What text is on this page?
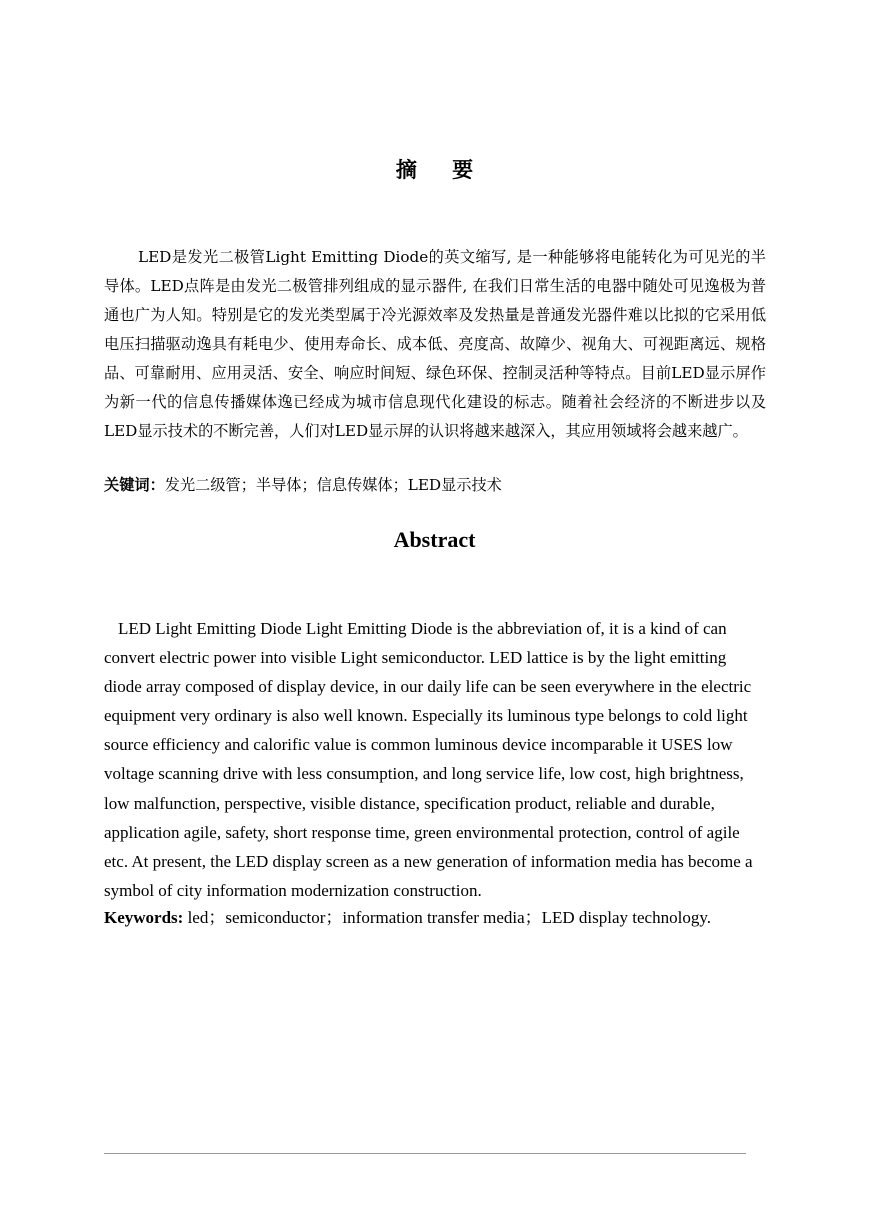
摘 要

LED是发光二极管Light Emitting Diode的英文缩写, 是一种能够将电能转化为可见光的半导体。LED点阵是由发光二极管排列组成的显示器件, 在我们日常生活的电器中随处可见逸极为普通也广为人知。特别是它的发光类型属于冷光源效率及发热量是普通发光器件难以比拟的它采用低电压扫描驱动逸具有耗电少、使用寿命长、成本低、亮度高、故障少、视角大、可视距离远、规格品、可靠耐用、应用灵活、安全、响应时间短、绿色环保、控制灵活种等特点。目前LED显示屏作为新一代的信息传播媒体逸已经成为城市信息现代化建设的标志。随着社会经济的不断进步以及LED显示技术的不断完善，人们对LED显示屏的认识将越来越深入，其应用领域将会越来越广。

关键词：发光二级管；半导体；信息传媒体；LED显示技术

Abstract

LED Light Emitting Diode Light Emitting Diode is the abbreviation of, it is a kind of can convert electric power into visible Light semiconductor. LED lattice is by the light emitting diode array composed of display device, in our daily life can be seen everywhere in the electric equipment very ordinary is also well known. Especially its luminous type belongs to cold light source efficiency and calorific value is common luminous device incomparable it USES low voltage scanning drive with less consumption, and long service life, low cost, high brightness, low malfunction, perspective, visible distance, specification product, reliable and durable, application agile, safety, short response time, green environmental protection, control of agile etc. At present, the LED display screen as a new generation of information media has become a symbol of city information modernization construction.

Keywords: led；semiconductor；information transfer media；LED display technology.
